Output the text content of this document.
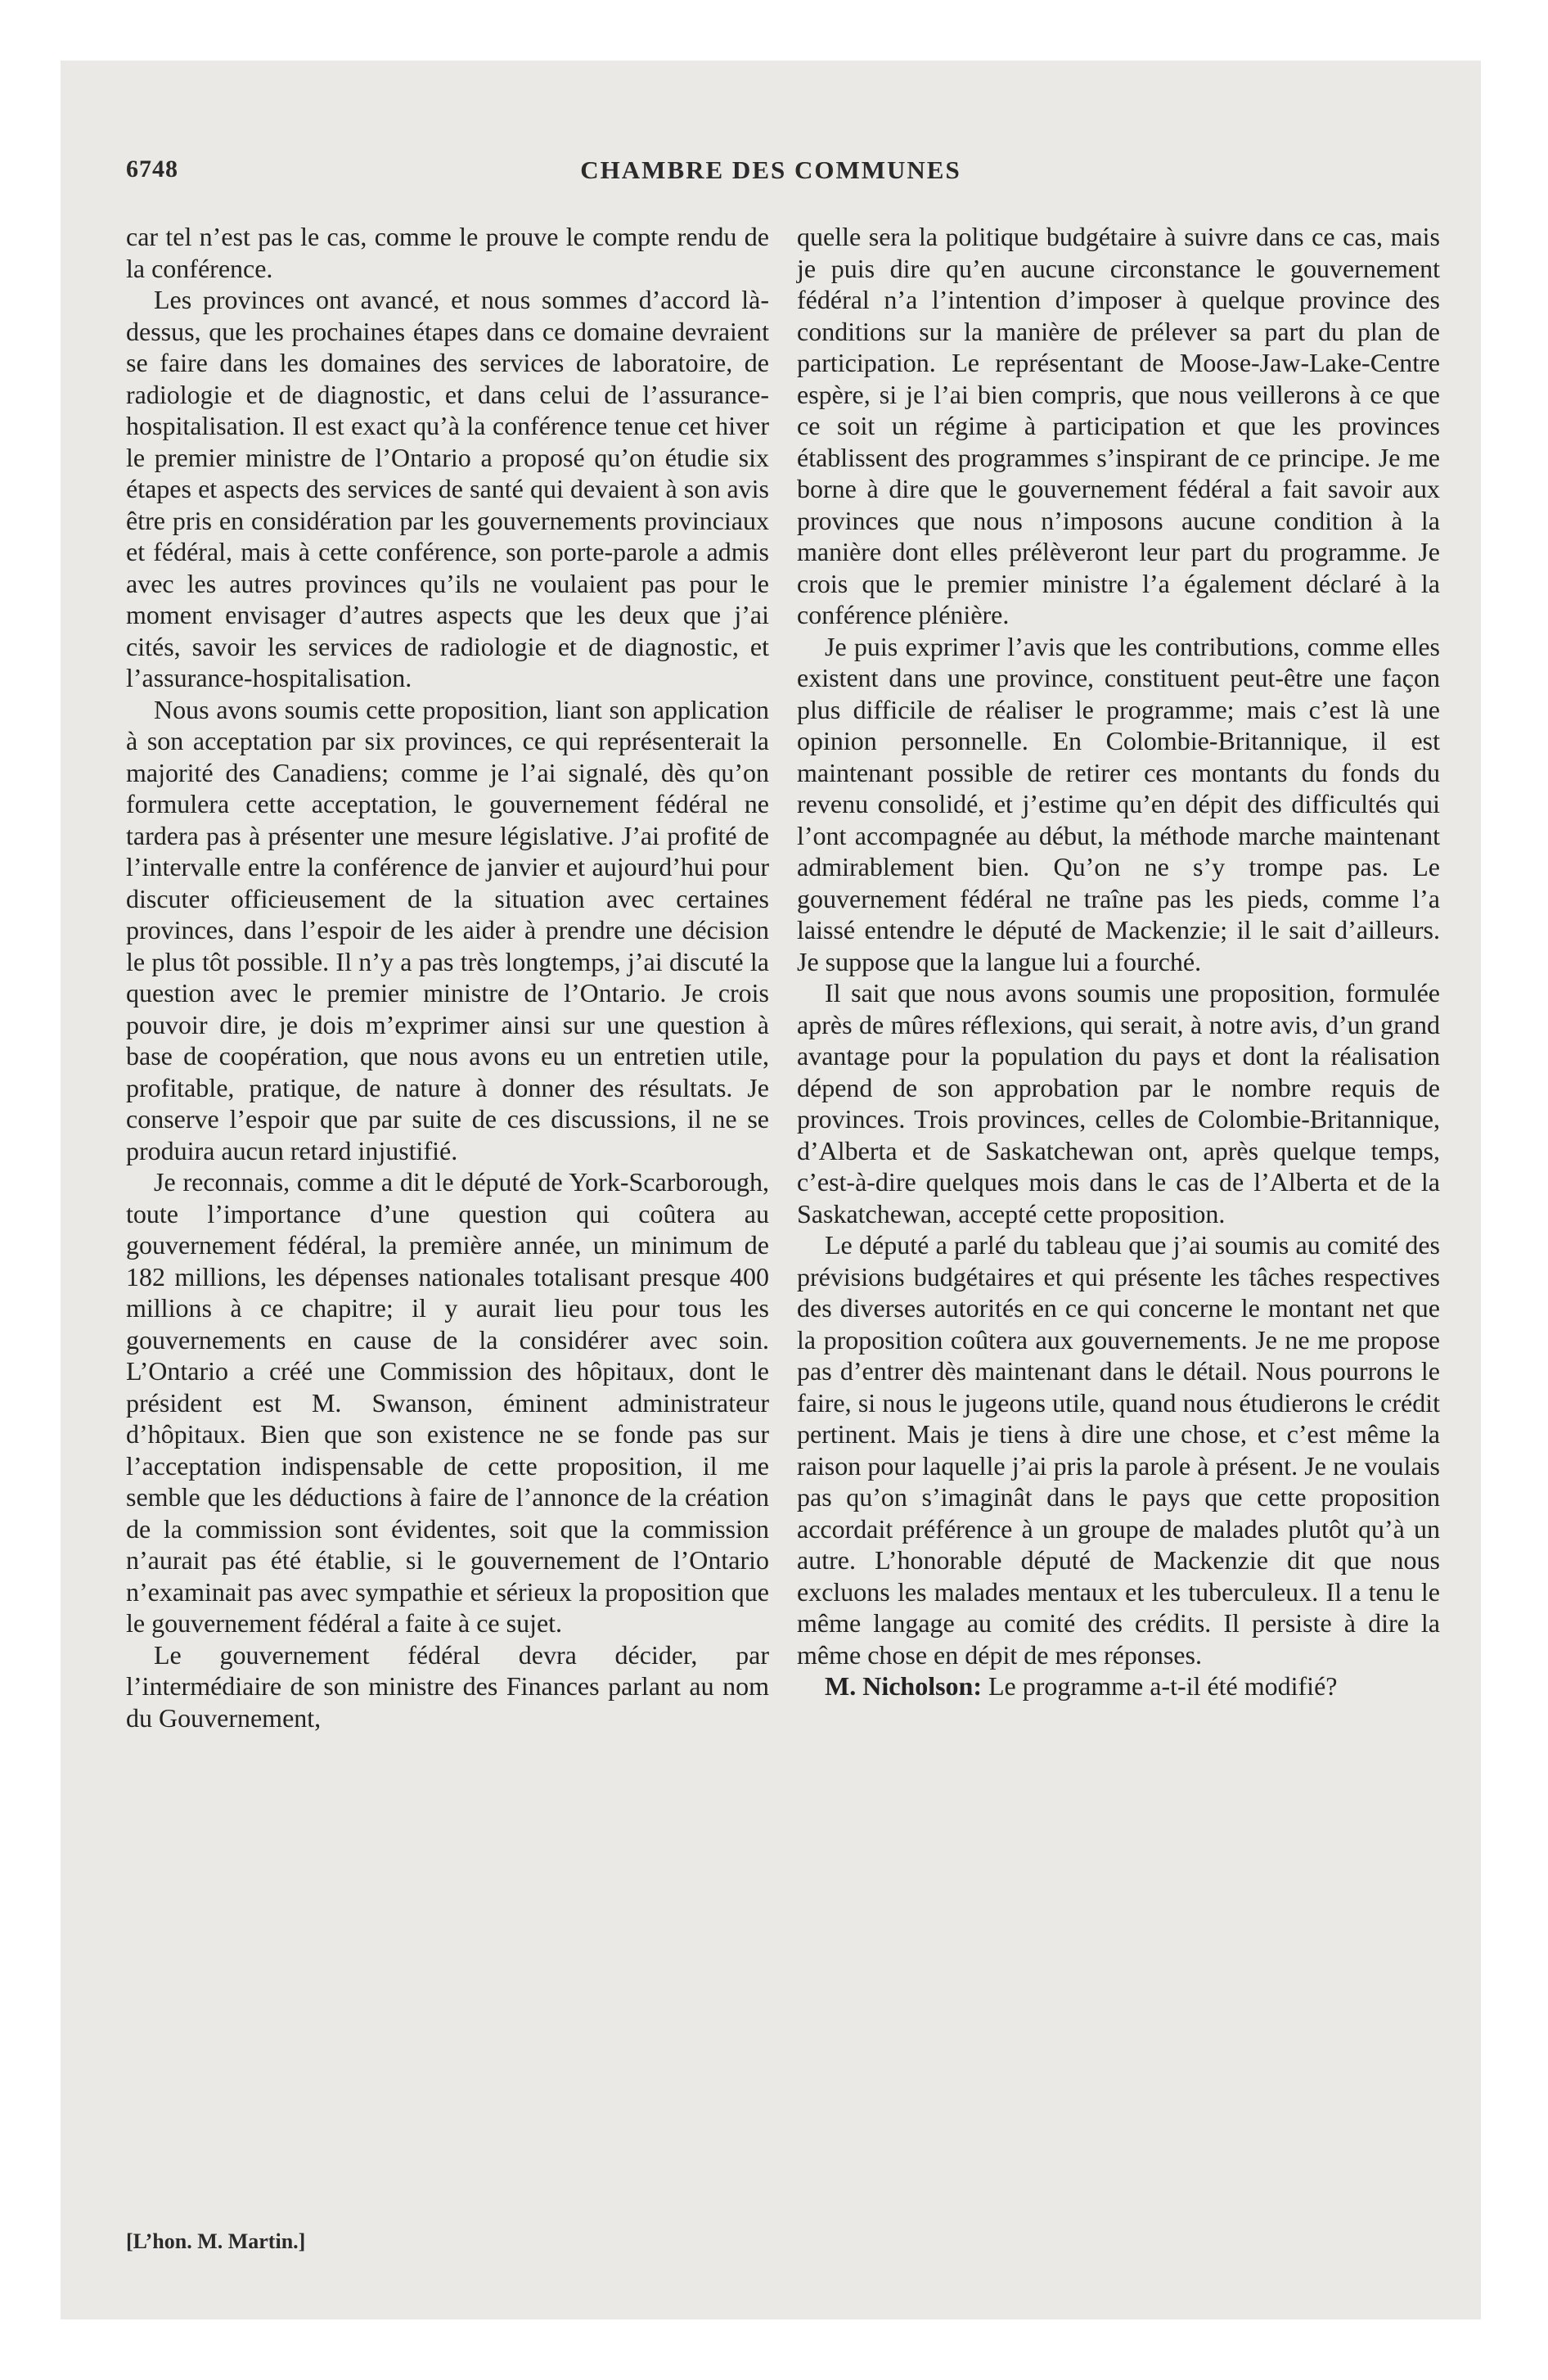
6748	CHAMBRE DES COMMUNES

car tel n’est pas le cas, comme le prouve le compte rendu de la conférence.

Les provinces ont avancé, et nous sommes d’accord là-dessus, que les prochaines étapes dans ce domaine devraient se faire dans les domaines des services de laboratoire, de radiologie et de diagnostic, et dans celui de l’assurance-hospitalisation. Il est exact qu’à la conférence tenue cet hiver le premier ministre de l’Ontario a proposé qu’on étudie six étapes et aspects des services de santé qui devaient à son avis être pris en considération par les gouvernements provinciaux et fédéral, mais à cette conférence, son porte-parole a admis avec les autres provinces qu’ils ne voulaient pas pour le moment envisager d’autres aspects que les deux que j’ai cités, savoir les services de radiologie et de diagnostic, et l’assurance-hospitalisation.

Nous avons soumis cette proposition, liant son application à son acceptation par six provinces, ce qui représenterait la majorité des Canadiens; comme je l’ai signalé, dès qu’on formulera cette acceptation, le gouvernement fédéral ne tardera pas à présenter une mesure législative. J’ai profité de l’intervalle entre la conférence de janvier et aujourd’hui pour discuter officieusement de la situation avec certaines provinces, dans l’espoir de les aider à prendre une décision le plus tôt possible. Il n’y a pas très longtemps, j’ai discuté la question avec le premier ministre de l’Ontario. Je crois pouvoir dire, je dois m’exprimer ainsi sur une question à base de coopération, que nous avons eu un entretien utile, profitable, pratique, de nature à donner des résultats. Je conserve l’espoir que par suite de ces discussions, il ne se produira aucun retard injustifié.

Je reconnais, comme a dit le député de York-Scarborough, toute l’importance d’une question qui coûtera au gouvernement fédéral, la première année, un minimum de 182 millions, les dépenses nationales totalisant presque 400 millions à ce chapitre; il y aurait lieu pour tous les gouvernements en cause de la considérer avec soin. L’Ontario a créé une Commission des hôpitaux, dont le président est M. Swanson, éminent administrateur d’hôpitaux. Bien que son existence ne se fonde pas sur l’acceptation indispensable de cette proposition, il me semble que les déductions à faire de l’annonce de la création de la commission sont évidentes, soit que la commission n’aurait pas été établie, si le gouvernement de l’Ontario n’examinait pas avec sympathie et sérieux la proposition que le gouvernement fédéral a faite à ce sujet.

Le gouvernement fédéral devra décider, par l’intermédiaire de son ministre des Finances parlant au nom du Gouvernement,

quelle sera la politique budgétaire à suivre dans ce cas, mais je puis dire qu’en aucune circonstance le gouvernement fédéral n’a l’intention d’imposer à quelque province des conditions sur la manière de prélever sa part du plan de participation. Le représentant de Moose-Jaw-Lake-Centre espère, si je l’ai bien compris, que nous veillerons à ce que ce soit un régime à participation et que les provinces établissent des programmes s’inspirant de ce principe. Je me borne à dire que le gouvernement fédéral a fait savoir aux provinces que nous n’imposons aucune condition à la manière dont elles prélèveront leur part du programme. Je crois que le premier ministre l’a également déclaré à la conférence plénière.

Je puis exprimer l’avis que les contributions, comme elles existent dans une province, constituent peut-être une façon plus difficile de réaliser le programme; mais c’est là une opinion personnelle. En Colombie-Britannique, il est maintenant possible de retirer ces montants du fonds du revenu consolidé, et j’estime qu’en dépit des difficultés qui l’ont accompagnée au début, la méthode marche maintenant admirablement bien. Qu’on ne s’y trompe pas. Le gouvernement fédéral ne traîne pas les pieds, comme l’a laissé entendre le député de Mackenzie; il le sait d’ailleurs. Je suppose que la langue lui a fourché.

Il sait que nous avons soumis une proposition, formulée après de mûres réflexions, qui serait, à notre avis, d’un grand avantage pour la population du pays et dont la réalisation dépend de son approbation par le nombre requis de provinces. Trois provinces, celles de Colombie-Britannique, d’Alberta et de Saskatchewan ont, après quelque temps, c’est-à-dire quelques mois dans le cas de l’Alberta et de la Saskatchewan, accepté cette proposition.

Le député a parlé du tableau que j’ai soumis au comité des prévisions budgétaires et qui présente les tâches respectives des diverses autorités en ce qui concerne le montant net que la proposition coûtera aux gouvernements. Je ne me propose pas d’entrer dès maintenant dans le détail. Nous pourrons le faire, si nous le jugeons utile, quand nous étudierons le crédit pertinent. Mais je tiens à dire une chose, et c’est même la raison pour laquelle j’ai pris la parole à présent. Je ne voulais pas qu’on s’imaginât dans le pays que cette proposition accordait préférence à un groupe de malades plutôt qu’à un autre. L’honorable député de Mackenzie dit que nous excluons les malades mentaux et les tuberculeux. Il a tenu le même langage au comité des crédits. Il persiste à dire la même chose en dépit de mes réponses.

M. Nicholson: Le programme a-t-il été modifié?

[L’hon. M. Martin.]
